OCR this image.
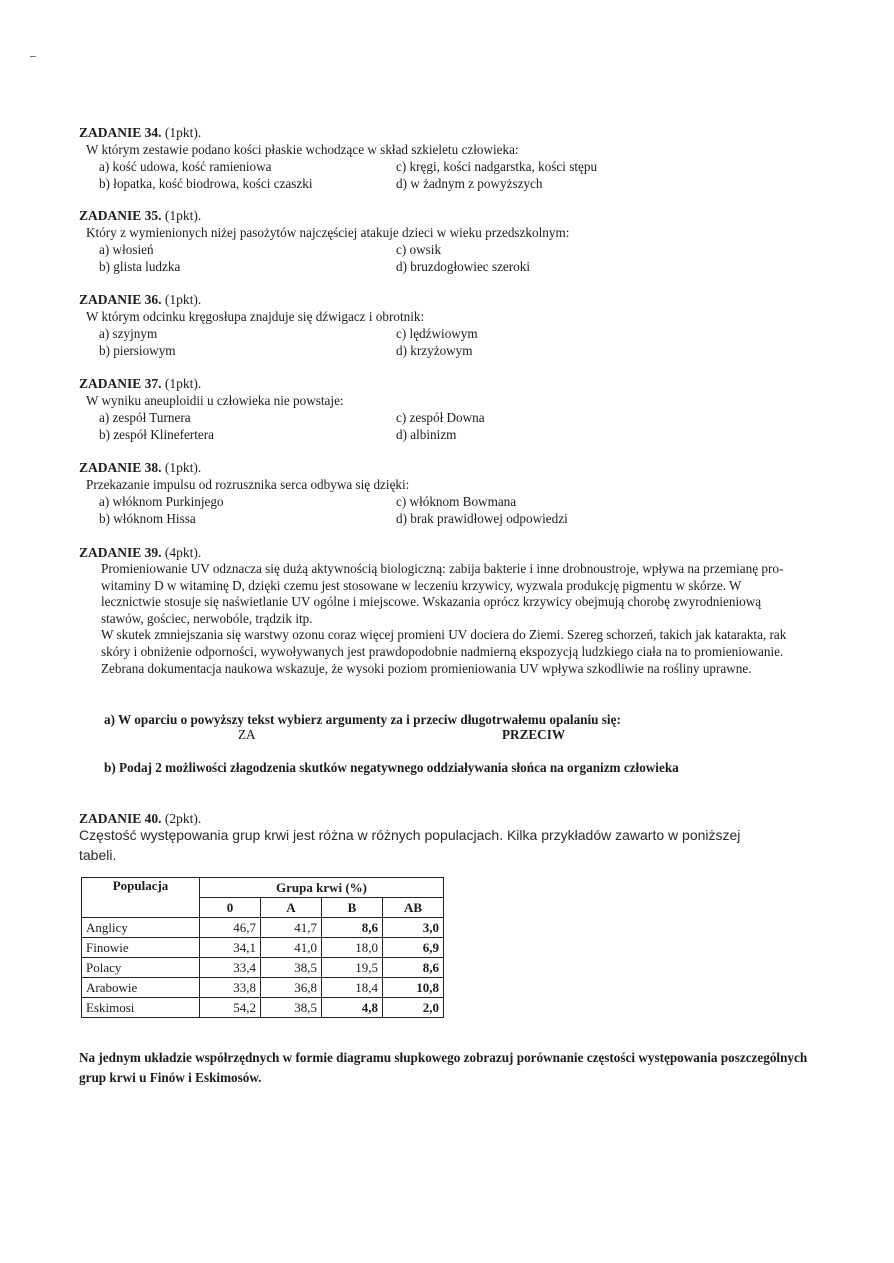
ZADANIE 34. (1pkt).
W którym zestawie podano kości płaskie wchodzące w skład szkieletu człowieka:
a) kość udowa, kość ramieniowa
b) łopatka, kość biodrowa, kości czaszki
c) kręgi, kości nadgarstka, kości stępu
d) w żadnym z powyższych
ZADANIE 35. (1pkt).
Który z wymienionych niżej pasożytów najczęściej atakuje dzieci w wieku przedszkolnym:
a) włosień
b) glista ludzka
c) owsik
d) bruzdogłowiec szeroki
ZADANIE 36. (1pkt).
W którym odcinku kręgosłupa znajduje się dźwigacz i obrotnik:
a) szyjnym
b) piersiowym
c) lędźwiowym
d) krzyżowym
ZADANIE 37. (1pkt).
W wyniku aneuploidii u człowieka nie powstaje:
a) zespół Turnera
b) zespół Klinefertera
c) zespół Downa
d) albinizm
ZADANIE 38. (1pkt).
Przekazanie impulsu od rozrusznika serca odbywa się dzięki:
a) włóknom Purkinjego
b) włóknom Hissa
c) włóknom Bowmana
d) brak prawidłowej odpowiedzi
ZADANIE 39. (4pkt).
Promieniowanie UV odznacza się dużą aktywnością biologiczną: zabija bakterie i inne drobnoustroje, wpływa na przemianę pro-witaminy D w witaminę D, dzięki czemu jest stosowane w leczeniu krzywicy, wyzwala produkcję pigmentu w skórze. W lecznictwie stosuje się naświetlanie UV ogólne i miejscowe. Wskazania oprócz krzywicy obejmują chorobę zwyrodnieniową stawów, gościec, nerwobóle, trądzik itp.
W skutek zmniejszania się warstwy ozonu coraz więcej promieni UV dociera do Ziemi. Szereg schorzeń, takich jak katarakta, rak skóry i obniżenie odporności, wywoływanych jest prawdopodobnie nadmierną ekspozycją ludzkiego ciała na to promieniowanie. Zebrana dokumentacja naukowa wskazuje, że wysoki poziom promieniowania UV wpływa szkodliwie na rośliny uprawne.
a) W oparciu o powyższy tekst wybierz argumenty za i przeciw długotrwałemu opalaniu się:
ZA	PRZECIW
b) Podaj 2 możliwości złagodzenia skutków negatywnego oddziaływania słońca na organizm człowieka
ZADANIE 40. (2pkt).
Częstość występowania grup krwi jest różna w różnych populacjach. Kilka przykładów zawarto w poniższej tabeli.
Populacja	Grupa krwi (%)			
	0	A	B	AB
Anglicy	46,7	41,7	8,6	3,0
Finowie	34,1	41,0	18,0	6,9
Polacy	33,4	38,5	19,5	8,6
Arabowie	33,8	36,8	18,4	10,8
Eskimosi	54,2	38,5	4,8	2,0
Na jednym układzie współrzędnych w formie diagramu słupkowego zobrazuj porównanie częstości występowania poszczególnych grup krwi u Finów i Eskimosów.
